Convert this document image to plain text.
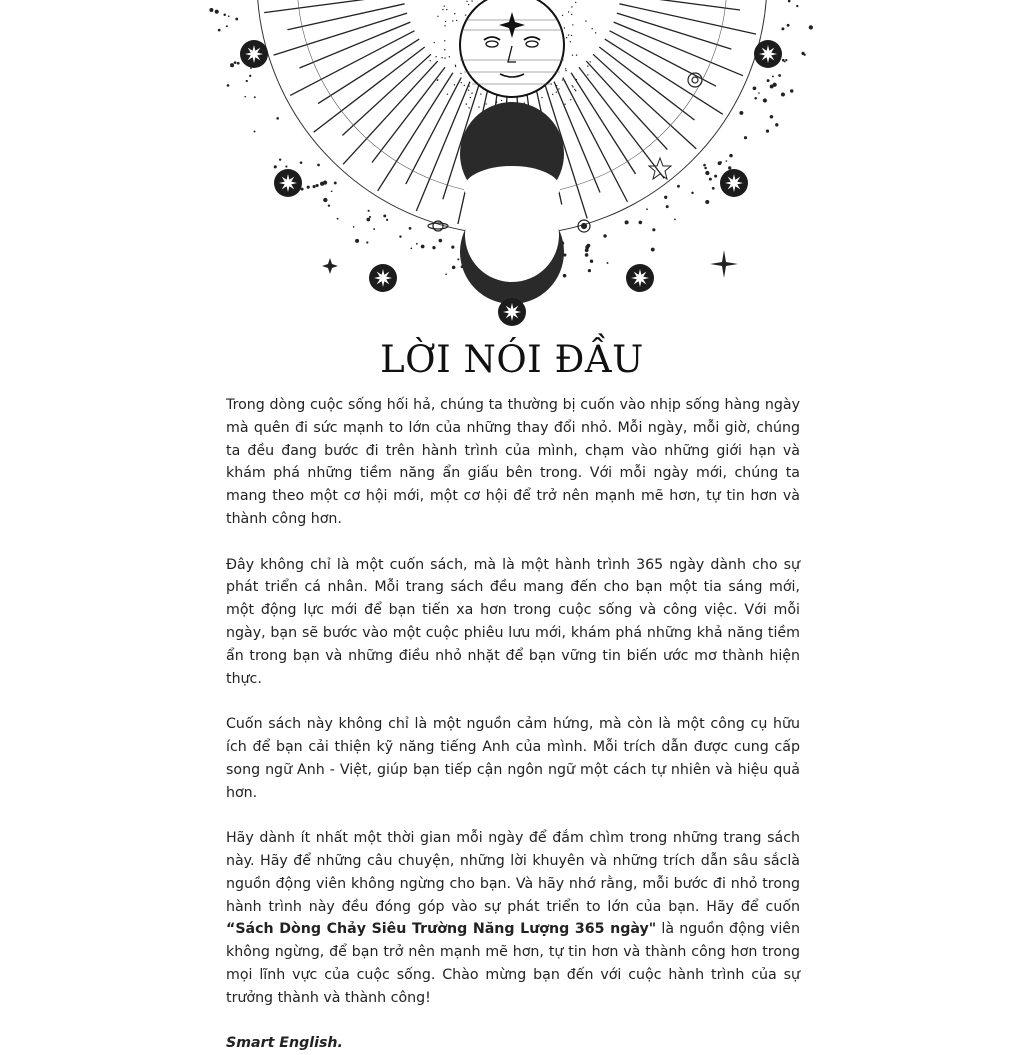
LỜI NÓI ĐẦU

Trong dòng cuộc sống hối hả, chúng ta thường bị cuốn vào nhịp sống hàng ngày mà quên đi sức mạnh to lớn của những thay đổi nhỏ. Mỗi ngày, mỗi giờ, chúng ta đều đang bước đi trên hành trình của mình, chạm vào những giới hạn và khám phá những tiềm năng ẩn giấu bên trong. Với mỗi ngày mới, chúng ta mang theo một cơ hội mới, một cơ hội để trở nên mạnh mẽ hơn, tự tin hơn và thành công hơn.

Đây không chỉ là một cuốn sách, mà là một hành trình 365 ngày dành cho sự phát triển cá nhân. Mỗi trang sách đều mang đến cho bạn một tia sáng mới, một động lực mới để bạn tiến xa hơn trong cuộc sống và công việc. Với mỗi ngày, bạn sẽ bước vào một cuộc phiêu lưu mới, khám phá những khả năng tiềm ẩn trong bạn và những điều nhỏ nhặt để bạn vững tin biến ước mơ thành hiện thực.

Cuốn sách này không chỉ là một nguồn cảm hứng, mà còn là một công cụ hữu ích để bạn cải thiện kỹ năng tiếng Anh của mình. Mỗi trích dẫn được cung cấp song ngữ Anh - Việt, giúp bạn tiếp cận ngôn ngữ một cách tự nhiên và hiệu quả hơn.

Hãy dành ít nhất một thời gian mỗi ngày để đắm chìm trong những trang sách này. Hãy để những câu chuyện, những lời khuyên và những trích dẫn sâu sắclà nguồn động viên không ngừng cho bạn. Và hãy nhớ rằng, mỗi bước đi nhỏ trong hành trình này đều đóng góp vào sự phát triển to lớn của bạn. Hãy để cuốn “Sách Dòng Chảy Siêu Trường Năng Lượng 365 ngày" là nguồn động viên không ngừng, để bạn trở nên mạnh mẽ hơn, tự tin hơn và thành công hơn trong mọi lĩnh vực của cuộc sống. Chào mừng bạn đến với cuộc hành trình của sự trưởng thành và thành công!

Smart English.
